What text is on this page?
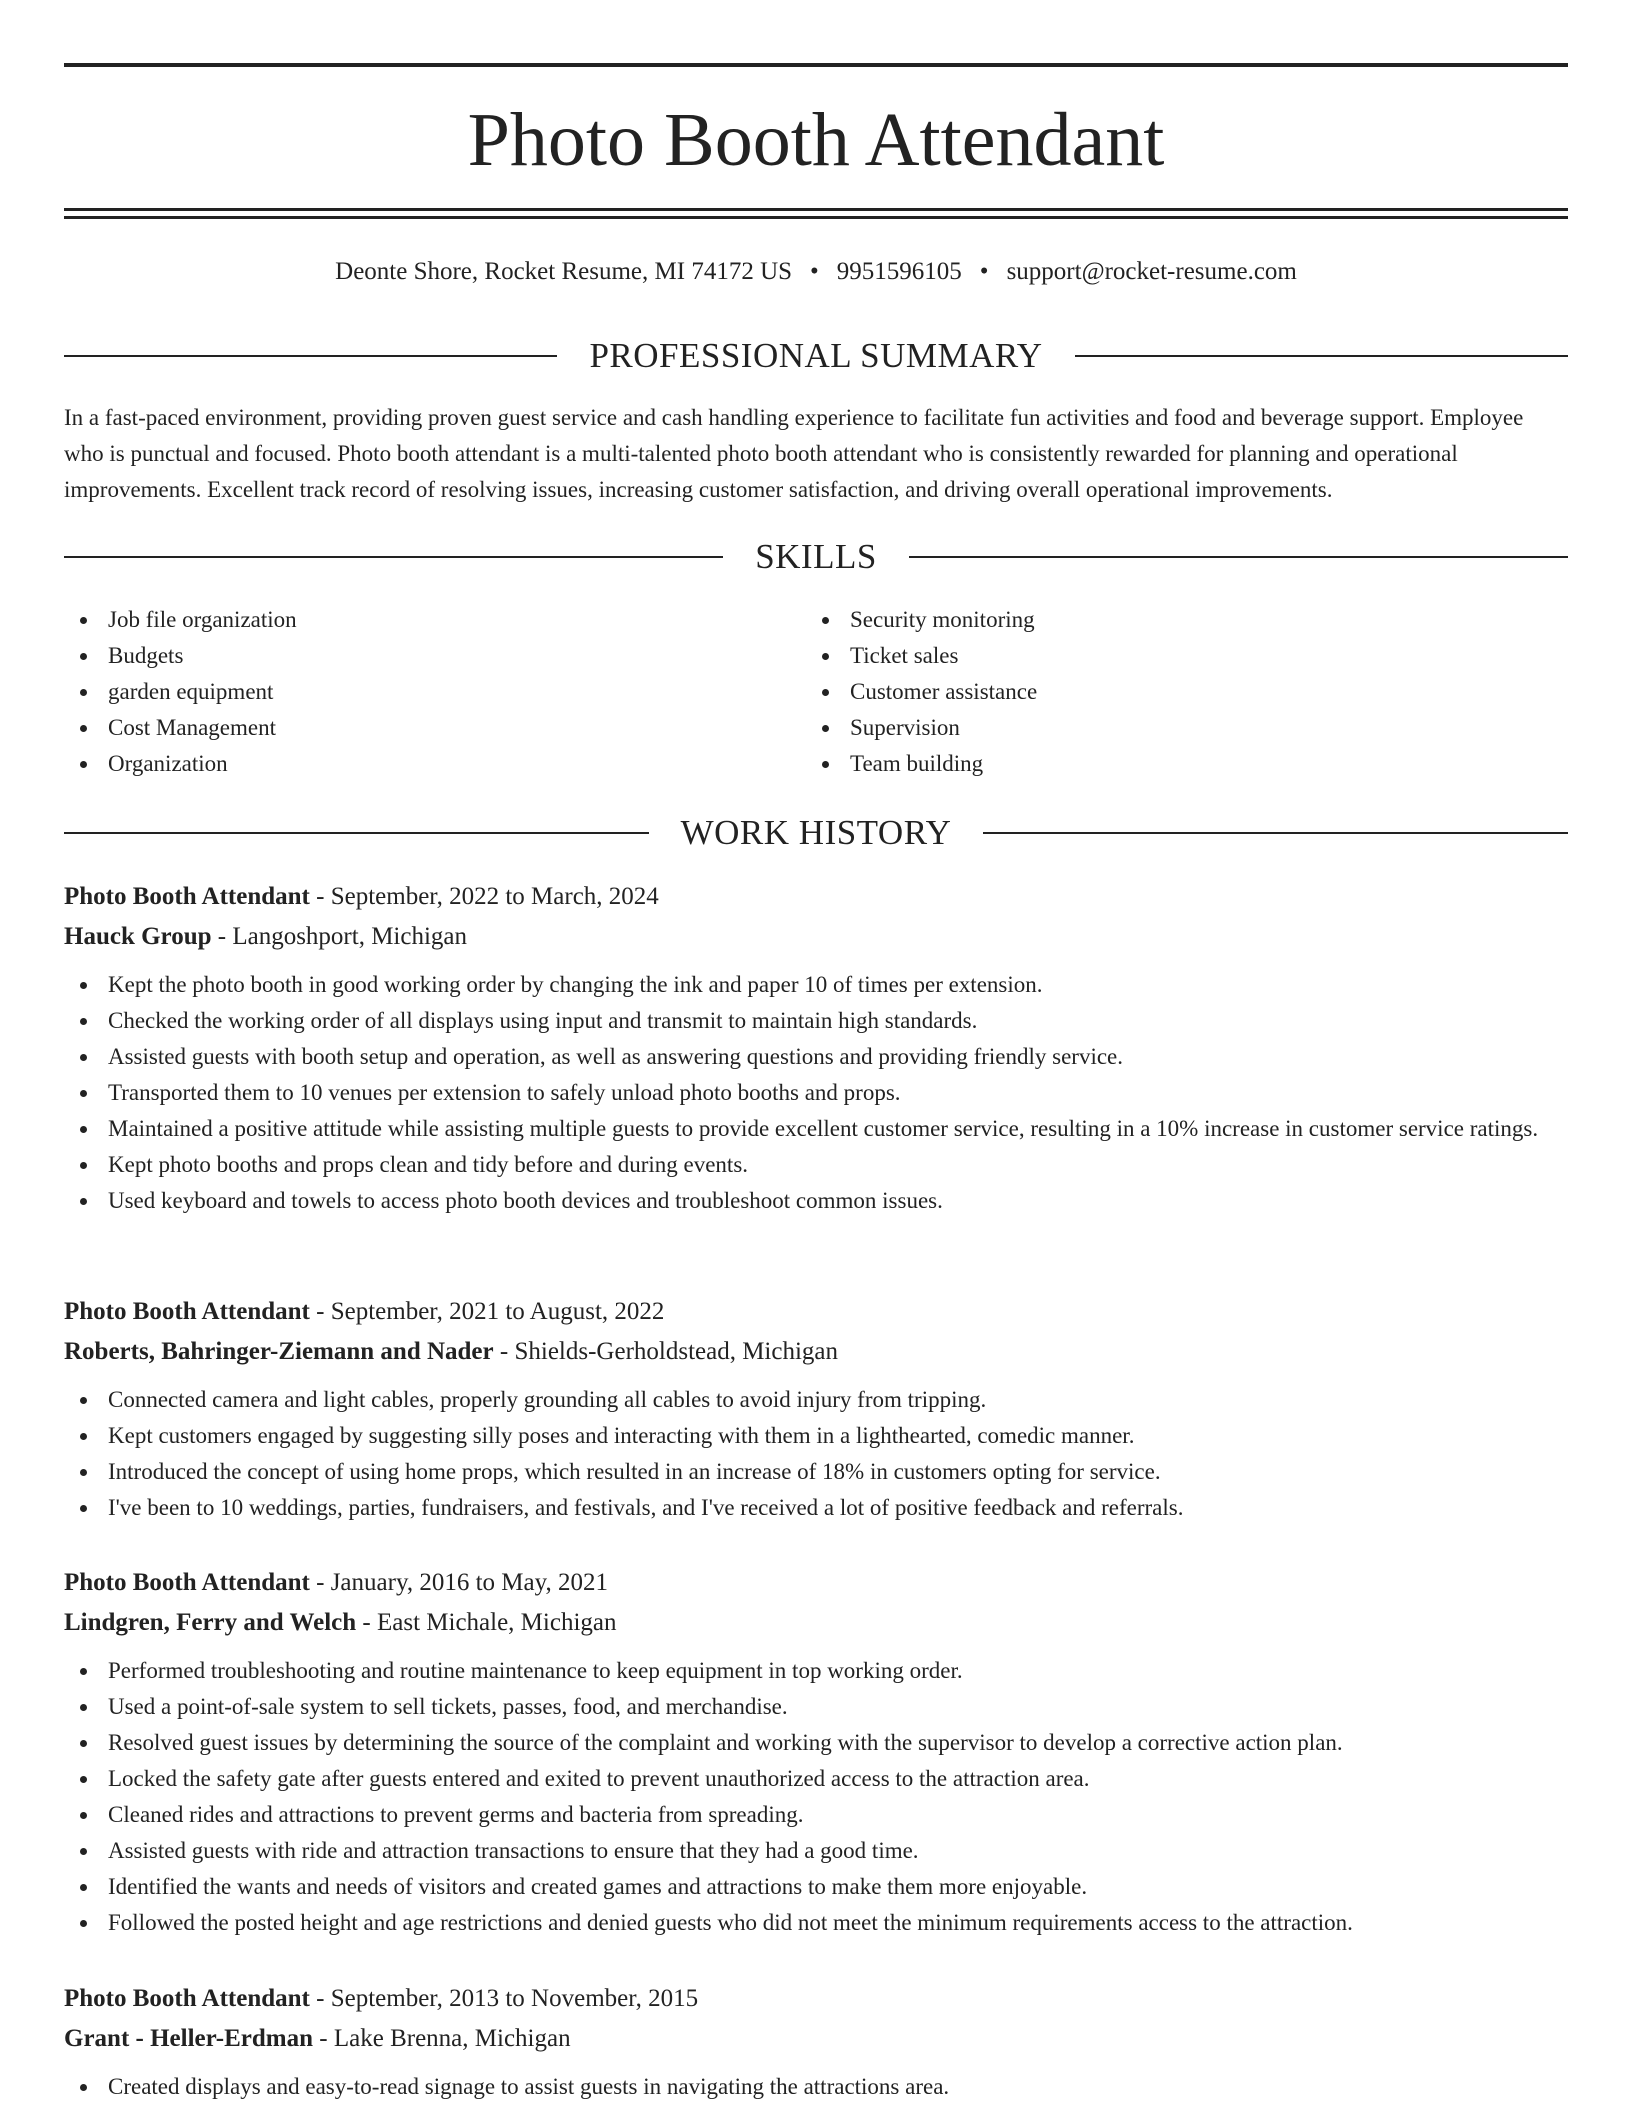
Photo Booth Attendant
Deonte Shore, Rocket Resume, MI 74172 US • 9951596105 • support@rocket-resume.com
PROFESSIONAL SUMMARY

In a fast-paced environment, providing proven guest service and cash handling experience to facilitate fun activities and food and beverage support. Employee who is punctual and focused. Photo booth attendant is a multi-talented photo booth attendant who is consistently rewarded for planning and operational improvements. Excellent track record of resolving issues, increasing customer satisfaction, and driving overall operational improvements.

SKILLS
Job file organization
Budgets
garden equipment
Cost Management
Organization
Security monitoring
Ticket sales
Customer assistance
Supervision
Team building
WORK HISTORY
Photo Booth Attendant - September, 2022 to March, 2024
Hauck Group - Langoshport, Michigan
Kept the photo booth in good working order by changing the ink and paper 10 of times per extension.
Checked the working order of all displays using input and transmit to maintain high standards.
Assisted guests with booth setup and operation, as well as answering questions and providing friendly service.
Transported them to 10 venues per extension to safely unload photo booths and props.
Maintained a positive attitude while assisting multiple guests to provide excellent customer service, resulting in a 10% increase in customer service ratings.
Kept photo booths and props clean and tidy before and during events.
Used keyboard and towels to access photo booth devices and troubleshoot common issues.
Photo Booth Attendant - September, 2021 to August, 2022
Roberts, Bahringer-Ziemann and Nader - Shields-Gerholdstead, Michigan
Connected camera and light cables, properly grounding all cables to avoid injury from tripping.
Kept customers engaged by suggesting silly poses and interacting with them in a lighthearted, comedic manner.
Introduced the concept of using home props, which resulted in an increase of 18% in customers opting for service.
I've been to 10 weddings, parties, fundraisers, and festivals, and I've received a lot of positive feedback and referrals.
Photo Booth Attendant - January, 2016 to May, 2021
Lindgren, Ferry and Welch - East Michale, Michigan
Performed troubleshooting and routine maintenance to keep equipment in top working order.
Used a point-of-sale system to sell tickets, passes, food, and merchandise.
Resolved guest issues by determining the source of the complaint and working with the supervisor to develop a corrective action plan.
Locked the safety gate after guests entered and exited to prevent unauthorized access to the attraction area.
Cleaned rides and attractions to prevent germs and bacteria from spreading.
Assisted guests with ride and attraction transactions to ensure that they had a good time.
Identified the wants and needs of visitors and created games and attractions to make them more enjoyable.
Followed the posted height and age restrictions and denied guests who did not meet the minimum requirements access to the attraction.
Photo Booth Attendant - September, 2013 to November, 2015
Grant - Heller-Erdman - Lake Brenna, Michigan
Created displays and easy-to-read signage to assist guests in navigating the attractions area.
